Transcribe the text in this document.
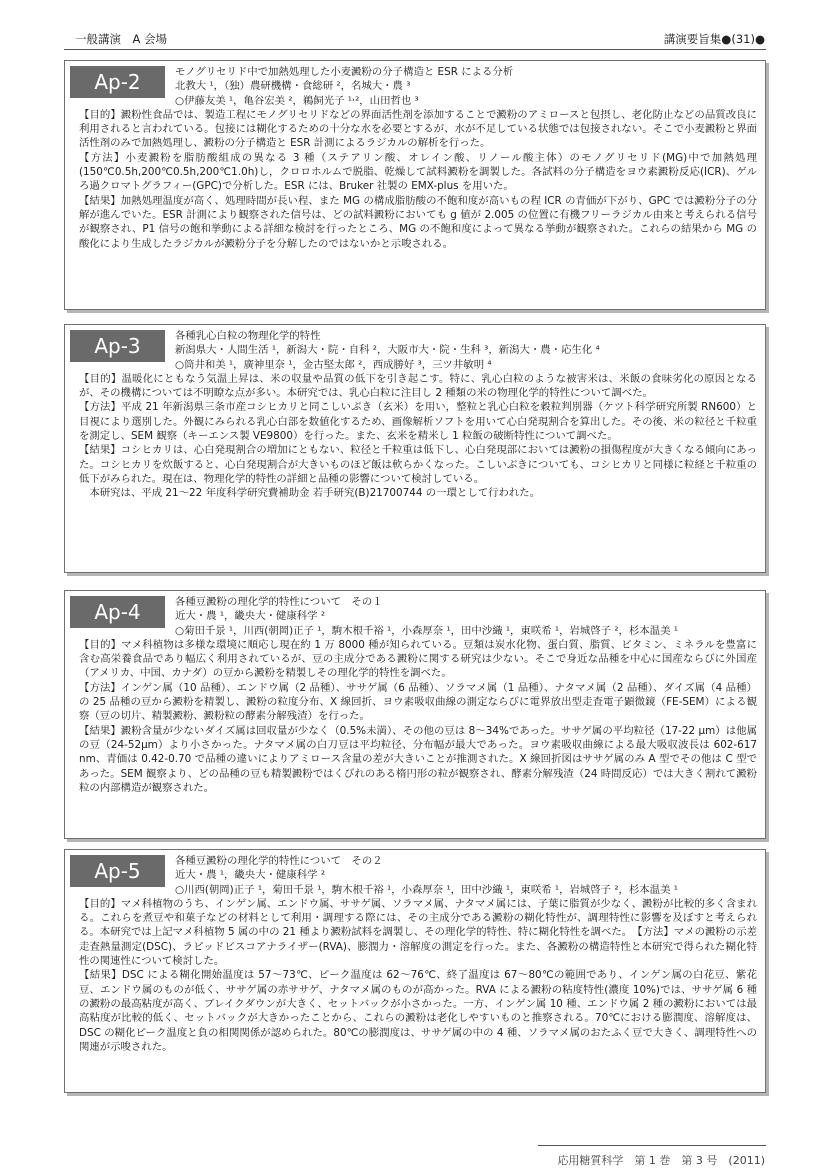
一般講演　A 会場	講演要旨集●(31)●
Ap-2	モノグリセリド中で加熱処理した小麦澱粉の分子構造と ESR による分析
北教大 ¹，（独）農研機構・食総研 ²，名城大・農 ³
○伊藤友美 ¹，亀谷宏美 ²，鵜飼光子 ¹˒²，山田哲也 ³

【目的】澱粉性食品では、製造工程にモノグリセリドなどの界面活性剤を添加することで澱粉のアミロースと包摂し、老化防止などの品質改良に利用されると言われている。包接には糊化するための十分な水を必要とするが、水が不足している状態では包接されない。そこで小麦澱粉と界面活性剤のみで加熱処理し、澱粉の分子構造と ESR 計測によるラジカルの解析を行った。

【方法】小麦澱粉を脂肪酸組成の異なる 3 種（ステアリン酸、オレイン酸、リノール酸主体）のモノグリセリド(MG)中で加熱処理(150℃0.5h,200℃0.5h,200℃1.0h)し，クロロホルムで脱脂、乾燥して試料澱粉を調製した。各試料の分子構造をヨウ素澱粉反応(ICR)、ゲルろ過クロマトグラフィー(GPC)で分析した。ESR には、Bruker 社製の EMX-plus を用いた。

【結果】加熱処理温度が高く、処理時間が長い程、また MG の構成脂肪酸の不飽和度が高いもの程 ICR の青価が下がり、GPC では澱粉分子の分解が進んでいた。ESR 計測により観察された信号は、どの試料澱粉においても g 値が 2.005 の位置に有機フリーラジカル由来と考えられる信号が観察され、P1 信号の飽和挙動による詳細な検討を行ったところ、MG の不飽和度によって異なる挙動が観察された。これらの結果から MG の酸化により生成したラジカルが澱粉分子を分解したのではないかと示唆される。

Ap-3	各種乳心白粒の物理化学的特性
新潟県大・人間生活 ¹，新潟大・院・自科 ²，大阪市大・院・生科 ³，新潟大・農・応生化 ⁴
○筒井和美 ¹，廣神里奈 ¹，金古堅太郎 ²，西成勝好 ³，三ツ井敏明 ⁴

【目的】温暖化にともなう気温上昇は、米の収量や品質の低下を引き起こす。特に、乳心白粒のような被害米は、米飯の食味劣化の原因となるが、その機構については不明瞭な点が多い。本研究では、乳心白粒に注目し 2 種類の米の物理化学的特性について調べた。

【方法】平成 21 年新潟県三条市産コシヒカリと同こしいぶき（玄米）を用い，整粒と乳心白粒を穀粒判別器（ケツト科学研究所製 RN600）と目視により選別した。外観にみられる乳心白部を数値化するため、画像解析ソフトを用いて心白発現割合を算出した。その後、米の粒径と千粒重を測定し、SEM 観察（キーエンス製 VE9800）を行った。また、玄米を精米し 1 粒飯の破断特性について調べた。

【結果】コシヒカリは、心白発現割合の増加にともない、粒径と千粒重は低下し、心白発現部においては澱粉の損傷程度が大きくなる傾向にあった。コシヒカリを炊飯すると、心白発現割合が大きいものほど飯は軟らかくなった。こしいぶきについても、コシヒカリと同様に粒経と千粒重の低下がみられた。現在は、物理化学的特性の詳細と品種の影響について検討している。

本研究は、平成 21～22 年度科学研究費補助金 若手研究(B)21700744 の一環として行われた。

Ap-4	各種豆澱粉の理化学的特性について　その１
近大・農 ¹，畿央大・健康科学 ²
○菊田千景 ¹，川西(朝岡)正子 ¹，駒木根千裕 ¹，小森厚奈 ¹，田中沙織 ¹，東咲希 ¹，岩城啓子 ²，杉本温美 ¹

【目的】マメ科植物は多様な環境に順応し現在約 1 万 8000 種が知られている。豆類は炭水化物、蛋白質、脂質、ビタミン、ミネラルを豊富に含む高栄養食品であり幅広く利用されているが、豆の主成分である澱粉に関する研究は少ない。そこで身近な品種を中心に国産ならびに外国産（アメリカ、中国、カナダ）の豆から澱粉を精製しその理化学的特性を調べた。

【方法】インゲン属（10 品種）、エンドウ属（2 品種）、ササゲ属（6 品種）、ソラマメ属（1 品種）、ナタマメ属（2 品種）、ダイズ属（4 品種）の 25 品種の豆から澱粉を精製し、澱粉の粒度分布、X 線回折、ヨウ素吸収曲線の測定ならびに電界放出型走査電子顕微鏡（FE-SEM）による観察（豆の切片、精製澱粉、澱粉粒の酵素分解残渣）を行った。

【結果】澱粉含量が少ないダイズ属は回収量が少なく（0.5%未満）、その他の豆は 8～34%であった。ササゲ属の平均粒径（17-22 μm）は他属の豆（24-52μm）より小さかった。ナタマメ属の白刀豆は平均粒径、分布幅が最大であった。ヨウ素吸収曲線による最大吸収波長は 602-617 nm、青価は 0.42-0.70 で品種の違いによりアミロース含量の差が大きいことが推測された。X 線回折図はササゲ属のみ A 型でその他は C 型であった。SEM 観察より、どの品種の豆も精製澱粉ではくびれのある楕円形の粒が観察され、酵素分解残渣（24 時間反応）では大きく割れて澱粉粒の内部構造が観察された。

Ap-5	各種豆澱粉の理化学的特性について　その２
近大・農 ¹，畿央大・健康科学 ²
○川西(朝岡)正子 ¹，菊田千景 ¹，駒木根千裕 ¹，小森厚奈 ¹，田中沙織 ¹，東咲希 ¹，岩城啓子 ²，杉本温美 ¹

【目的】マメ科植物のうち、インゲン属、エンドウ属、ササゲ属、ソラマメ属、ナタマメ属には、子葉に脂質が少なく、澱粉が比較的多く含まれる。これらを煮豆や和菓子などの材料として利用・調理する際には、その主成分である澱粉の糊化特性が、調理特性に影響を及ぼすと考えられる。本研究では上記マメ科植物 5 属の中の 21 種より澱粉試料を調製し、その理化学的特性、特に糊化特性を調べた。　【方法】マメの澱粉の示差走査熱量測定(DSC)、ラピッドビスコアナライザー(RVA)、膨潤力・溶解度の測定を行った。また、各澱粉の構造特性と本研究で得られた糊化特性の関連性について検討した。

【結果】DSC による糊化開始温度は 57～73℃、ピーク温度は 62～76℃、終了温度は 67～80℃の範囲であり、インゲン属の白花豆、紫花豆、エンドウ属のものが低く、ササゲ属の赤ササゲ、ナタマメ属のものが高かった。RVA による澱粉の粘度特性(濃度 10%)では、ササゲ属 6 種の澱粉の最高粘度が高く、ブレイクダウンが大きく、セットバックが小さかった。一方、インゲン属 10 種、エンドウ属 2 種の澱粉においては最高粘度が比較的低く、セットバックが大きかったことから、これらの澱粉は老化しやすいものと推察される。70℃における膨潤度、溶解度は、DSC の糊化ピーク温度と負の相関関係が認められた。80℃の膨潤度は、ササゲ属の中の 4 種、ソラマメ属のおたふく豆で大きく、調理特性への関連が示唆された。

応用糖質科学　第 1 巻　第 3 号　(2011)
